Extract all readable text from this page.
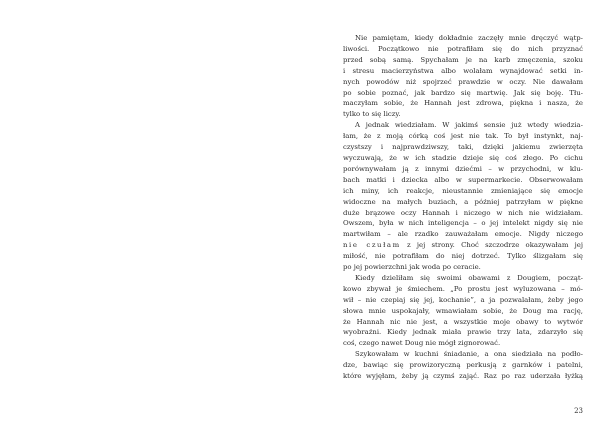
Nie pamiętam, kiedy dokładnie zaczęły mnie dręczyć wątp-
liwości. Początkowo nie potrafiłam się do nich przyznać
przed sobą samą. Spychałam je na karb zmęczenia, szoku
i stresu macierzyństwa albo wolałam wynajdować setki in-
nych powodów niż spojrzeć prawdzie w oczy. Nie dawałam
po sobie poznać, jak bardzo się martwię. Jak się boję. Tłu-
maczyłam sobie, że Hannah jest zdrowa, piękna i nasza, że
tylko to się liczy.
A jednak wiedziałam. W jakimś sensie już wtedy wiedzia-
łam, że z moją córką coś jest nie tak. To był instynkt, naj-
czystszy i najprawdziwszy, taki, dzięki jakiemu zwierzęta
wyczuwają, że w ich stadzie dzieje się coś złego. Po cichu
porównywałam ją z innymi dziećmi – w przychodni, w klu-
bach matki i dziecka albo w supermarkecie. Obserwowałam
ich miny, ich reakcje, nieustannie zmieniające się emocje
widoczne na małych buziach, a później patrzyłam w piękne
duże brązowe oczy Hannah i niczego w nich nie widziałam.
Owszem, była w nich inteligencja – o jej intelekt nigdy się nie
martwiłam – ale rzadko zauważałam emocje. Nigdy niczego
nie czułam z jej strony. Choć szczodrze okazywałam jej
miłość, nie potrafiłam do niej dotrzeć. Tylko ślizgałam się
po jej powierzchni jak woda po ceracie.
Kiedy dzieliłam się swoimi obawami z Dougiem, począt-
kowo zbywał je śmiechem. „Po prostu jest wyluzowana – mó-
wił – nie czepiaj się jej, kochanie”, a ja pozwalałam, żeby jego
słowa mnie uspokajały, wmawiałam sobie, że Doug ma rację,
że Hannah nic nie jest, a wszystkie moje obawy to wytwór
wyobraźni. Kiedy jednak miała prawie trzy lata, zdarzyło się
coś, czego nawet Doug nie mógł zignorować.
Szykowałam w kuchni śniadanie, a ona siedziała na podło-
dze, bawiąc się prowizoryczną perkusją z garnków i patelni,
które wyjęłam, żeby ją czymś zająć. Raz po raz uderzała łyżką
23
